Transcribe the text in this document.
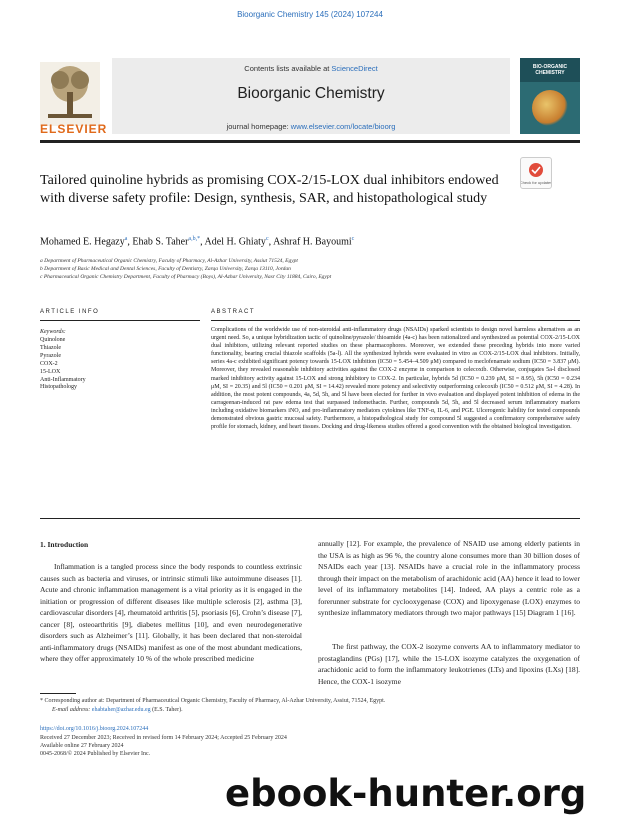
Bioorganic Chemistry 145 (2024) 107244
ELSEVIER
Contents lists available at ScienceDirect
Bioorganic Chemistry
journal homepage: www.elsevier.com/locate/bioorg
BIO-ORGANIC CHEMISTRY
Tailored quinoline hybrids as promising COX-2/15-LOX dual inhibitors endowed with diverse safety profile: Design, synthesis, SAR, and histopathological study
Check for updates
Mohamed E. Hegazy$^a$, Ehab S. Taher$^{a,b,*}$, Adel H. Ghiaty$^c$, Ashraf H. Bayoumi$^c$
a Department of Pharmaceutical Organic Chemistry, Faculty of Pharmacy, Al-Azhar University, Assiut 71524, Egypt
b Department of Basic Medical and Dental Sciences, Faculty of Dentistry, Zarqa University, Zarqa 13110, Jordan
c Pharmaceutical Organic Chemistry Department, Faculty of Pharmacy (Boys), Al-Azhar University, Nasr City 11884, Cairo, Egypt
ARTICLE INFO	ABSTRACT
Keywords:
Quinolone
Thiazole
Pyrazole
COX-2
15-LOX
Anti-Inflammatory
Histopathology
Complications of the worldwide use of non-steroidal anti-inflammatory drugs (NSAIDs) sparked scientists to design novel harmless alternatives as an urgent need. So, a unique hybridization tactic of quinoline/pyrazole/ thioamide (4a-c) has been rationalized and synthesized as potential COX-2/15-LOX dual inhibitors, utilizing relevant reported studies on these pharmacophores. Moreover, we extended these preceding hybrids into more varied functionality, bearing crucial thiazole scaffolds (5a-l). All the synthesized hybrids were evaluated in vitro as COX-2/15-LOX dual inhibitors. Initially, series 4a-c exhibited significant potency towards 15-LOX inhibition (IC50 = 5.454–4.509 μM) compared to meclofenamate sodium (IC50 = 3.837 μM). Moreover, they revealed reasonable inhibitory activities against the COX-2 enzyme in comparison to celecoxib. Otherwise, conjugates 5a-l disclosed marked inhibitory activity against 15-LOX and strong inhibitory to COX-2. In particular, hybrids 5d (IC50 = 0.239 μM, SI = 8.95), 5h (IC50 = 0.234 μM, SI = 20.35) and 5l (IC50 = 0.201 μM, SI = 14.42) revealed more potency and selectivity outperforming celecoxib (IC50 = 0.512 μM, SI = 4.28). In addition, the most potent compounds, 4a, 5d, 5h, and 5l have been elected for further in vivo evaluation and displayed potent inhibition of edema in the carrageenan-induced rat paw edema test that surpassed indomethacin. Further, compounds 5d, 5h, and 5l decreased serum inflammatory markers including oxidative biomarkers iNO, and pro-inflammatory mediators cytokines like TNF-α, IL-6, and PGE. Ulcerogenic liability for tested compounds demonstrated obvious gastric mucosal safety. Furthermore, a histopathological study for compound 5l suggested a confirmatory comprehensive safety profile for stomach, kidney, and heart tissues. Docking and drug-likeness studies offered a good convention with the obtained biological investigation.
1. Introduction
Inflammation is a tangled process since the body responds to countless extrinsic causes such as bacteria and viruses, or intrinsic stimuli like autoimmune diseases [1]. Acute and chronic inflammation management is a vital priority as it is engaged in the initiation or progression of different diseases like multiple sclerosis [2], asthma [3], cardiovascular disorders [4], rheumatoid arthritis [5], psoriasis [6], Crohn’s disease [7], cancer [8], osteoarthritis [9], diabetes mellitus [10], and even neurodegenerative disorders such as Alzheimer’s [11]. Globally, it has been declared that non-steroidal anti-inflammatory drugs (NSAIDs) manifest as one of the most abundant medications, where they offer approximately 10 % of the whole prescribed medicine
annually [12]. For example, the prevalence of NSAID use among elderly patients in the USA is as high as 96 %, the country alone consumes more than 30 billion doses of NSAIDs each year [13]. NSAIDs have a crucial role in the inflammatory process through their impact on the metabolism of arachidonic acid (AA) hence it lead to lower level of its inflammatory metabolites [14]. Indeed, AA plays a centric role as a forerunner substrate for cyclooxygenase (COX) and lipoxygenase (LOX) enzymes to synthesize inflammatory mediators through two major pathways [15] Diagram 1 [16].
The first pathway, the COX-2 isozyme converts AA to inflammatory mediator to prostaglandins (PGs) [17], while the 15-LOX isozyme catalyzes the oxygenation of arachidonic acid to form the inflammatory leukotrienes (LTs) and lipoxins (LXs) [18]. Hence, the COX-1 isozyme
* Corresponding author at: Department of Pharmaceutical Organic Chemistry, Faculty of Pharmacy, Al-Azhar University, Assiut, 71524, Egypt.
E-mail address: ehabtaher@azhar.edu.eg (E.S. Taher).
https://doi.org/10.1016/j.bioorg.2024.107244
Received 27 December 2023; Received in revised form 14 February 2024; Accepted 25 February 2024
Available online 27 February 2024
0045-2068/© 2024 Published by Elsevier Inc.
ebook-hunter.org
